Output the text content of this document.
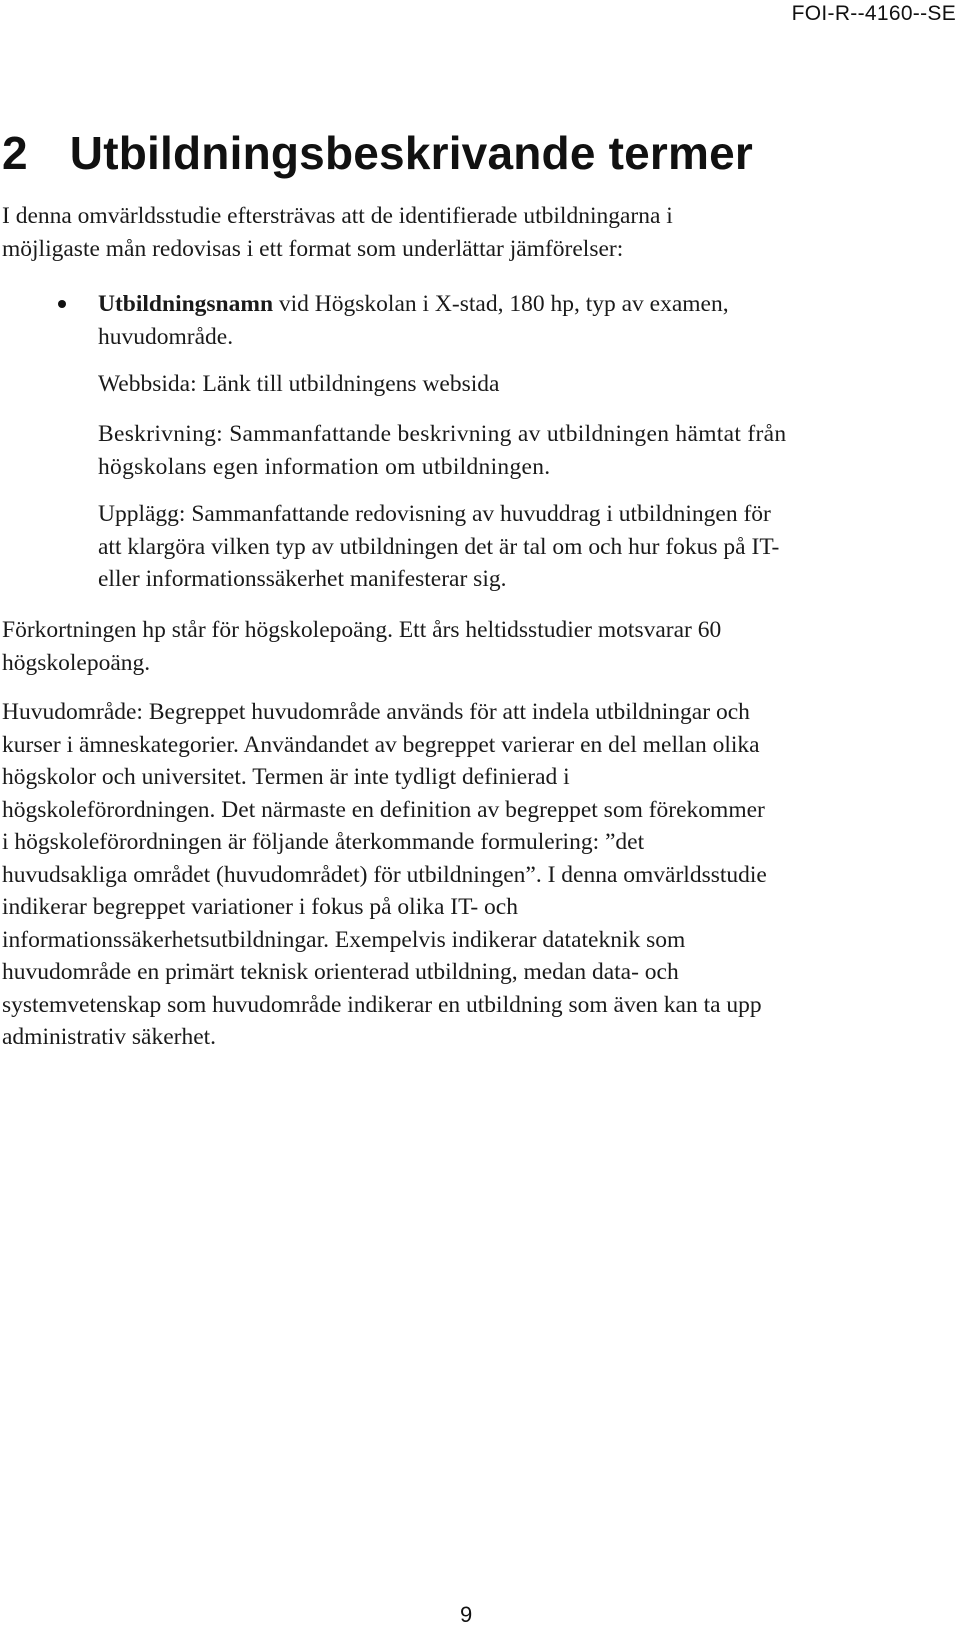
FOI-R--4160--SE
2 Utbildningsbeskrivande termer
I denna omvärldsstudie eftersträvas att de identifierade utbildningarna i
möjligaste mån redovisas i ett format som underlättar jämförelser:
Utbildningsnamn vid Högskolan i X-stad, 180 hp, typ av examen,
huvudområde.
Webbsida: Länk till utbildningens websida
Beskrivning: Sammanfattande beskrivning av utbildningen hämtat från
högskolans egen information om utbildningen.
Upplägg: Sammanfattande redovisning av huvuddrag i utbildningen för
att klargöra vilken typ av utbildningen det är tal om och hur fokus på IT-
eller informationssäkerhet manifesterar sig.
Förkortningen hp står för högskolepoäng. Ett års heltidsstudier motsvarar 60
högskolepoäng.
Huvudområde: Begreppet huvudområde används för att indela utbildningar och
kurser i ämneskategorier. Användandet av begreppet varierar en del mellan olika
högskolor och universitet. Termen är inte tydligt definierad i
högskoleförordningen. Det närmaste en definition av begreppet som förekommer
i högskoleförordningen är följande återkommande formulering: ”det
huvudsakliga området (huvudområdet) för utbildningen”. I denna omvärldsstudie
indikerar begreppet variationer i fokus på olika IT- och
informationssäkerhetsutbildningar. Exempelvis indikerar datateknik som
huvudområde en primärt teknisk orienterad utbildning, medan data- och
systemvetenskap som huvudområde indikerar en utbildning som även kan ta upp
administrativ säkerhet.
9
